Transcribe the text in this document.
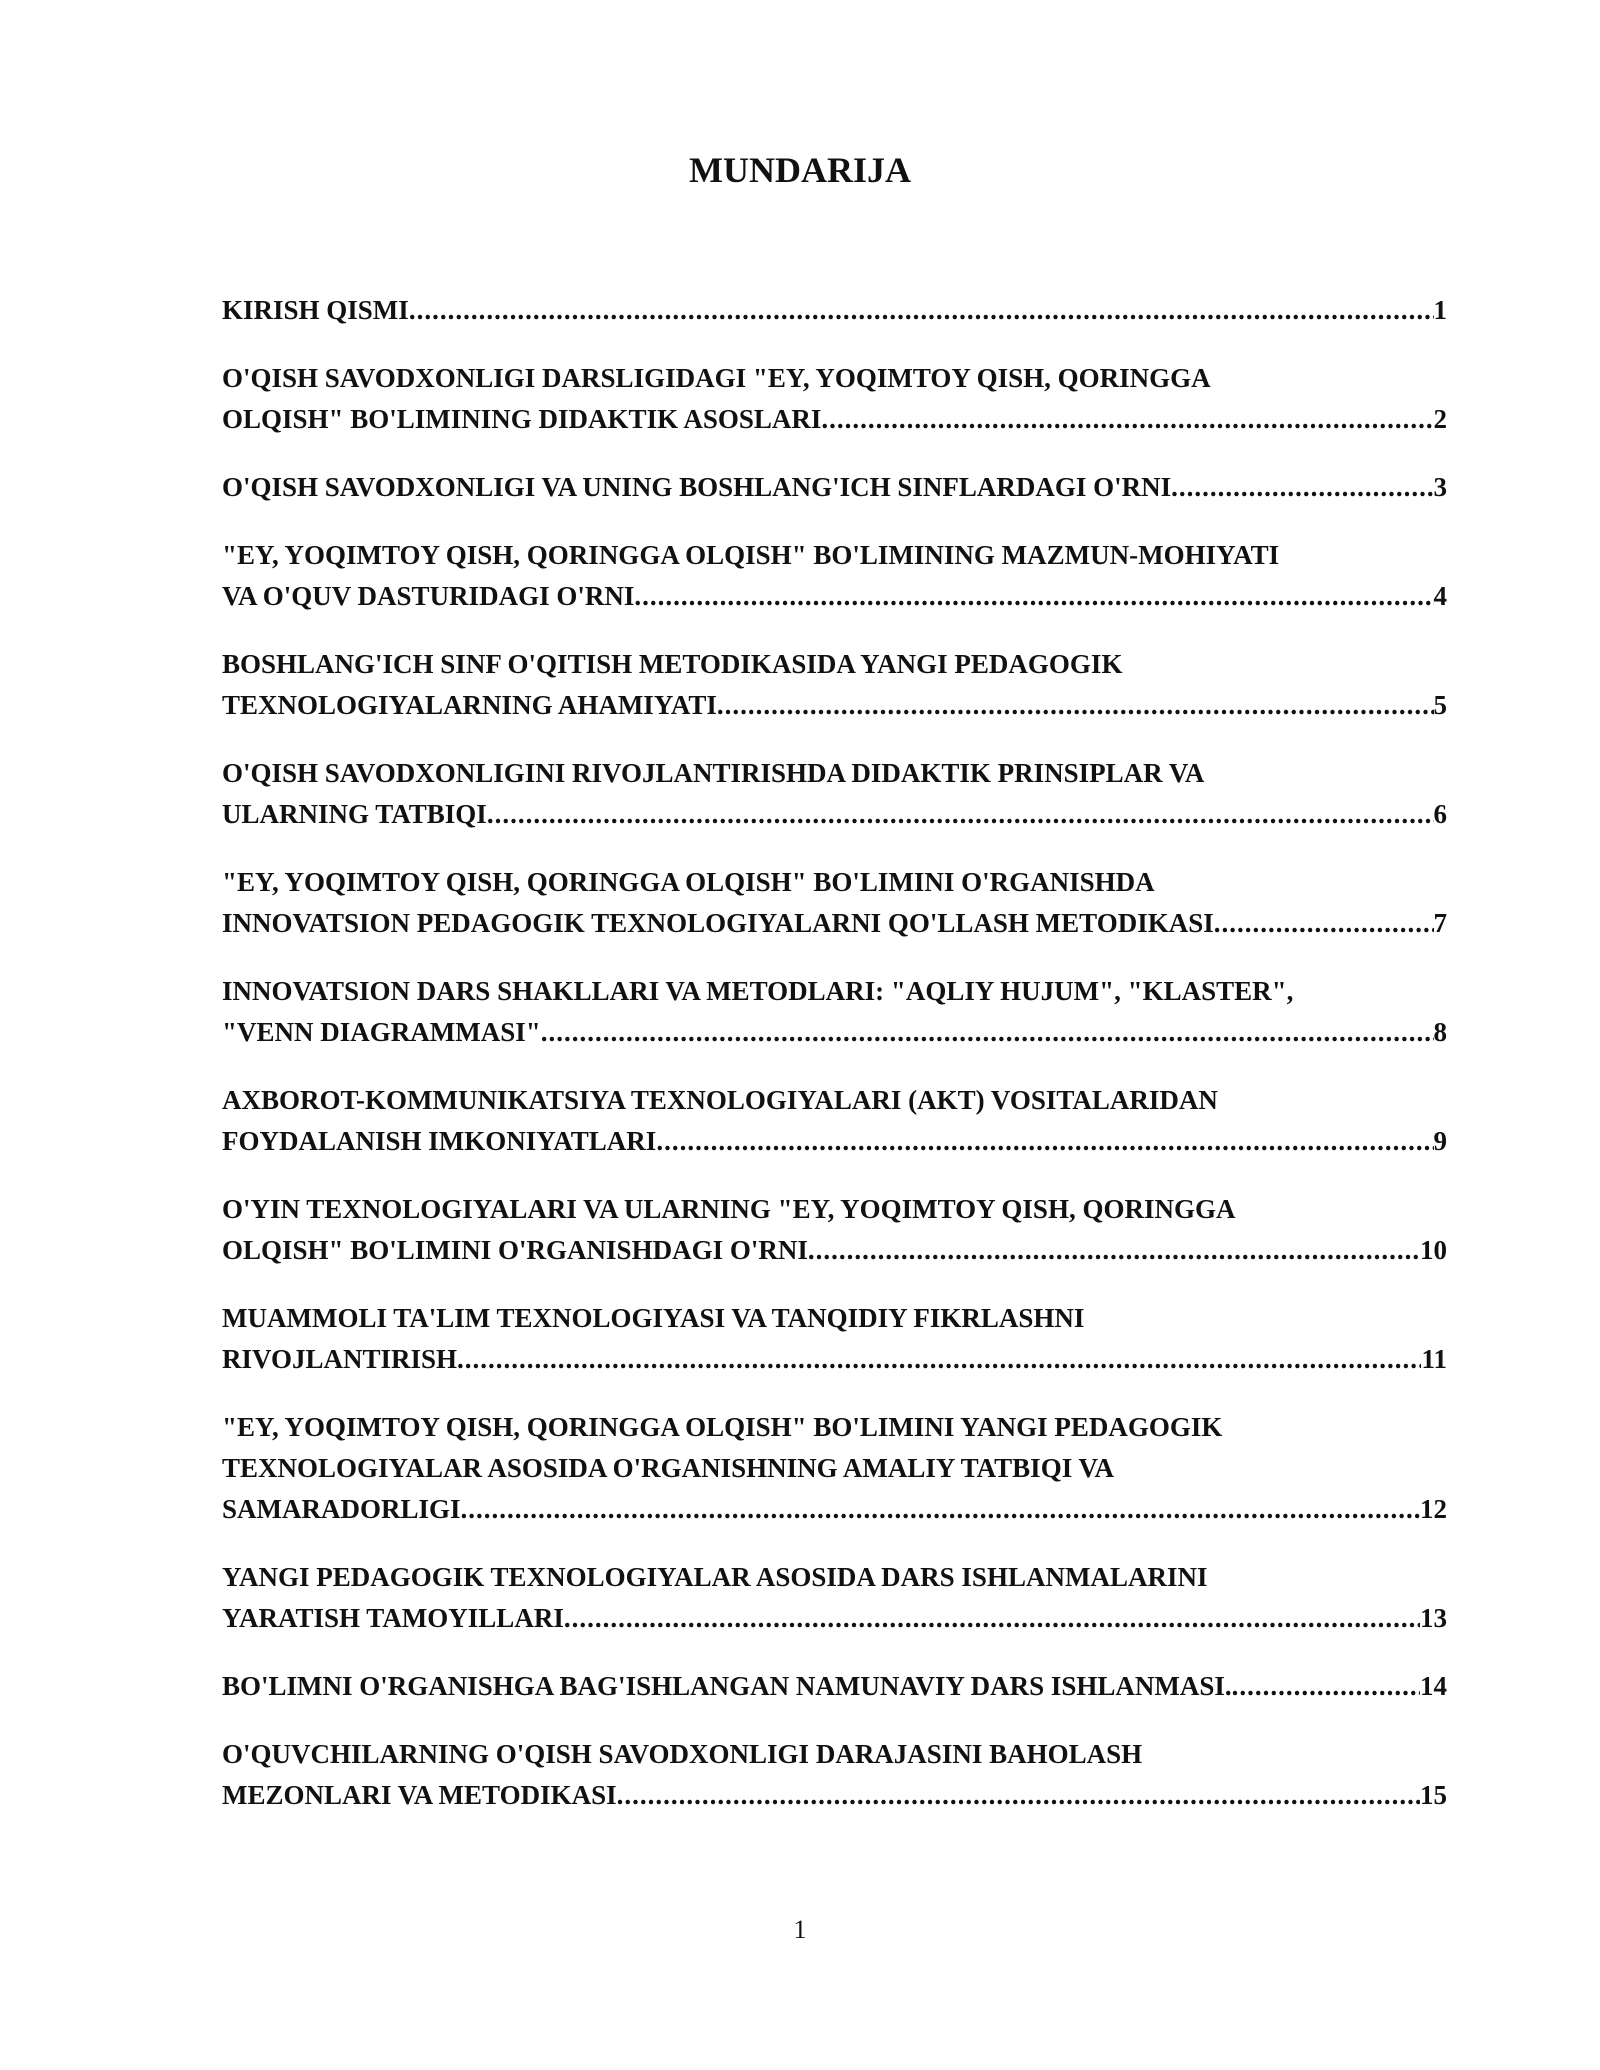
MUNDARIJA
KIRISH QISMI .....	1
O'QISH SAVODXONLIGI DARSLIGIDAGI "EY, YOQIMTOY QISH, QORINGGA
OLQISH" BO'LIMINING DIDAKTIK ASOSLARI .....	2
O'QISH SAVODXONLIGI VA UNING BOSHLANG'ICH SINFLARDAGI O'RNI .....	3
"EY, YOQIMTOY QISH, QORINGGA OLQISH" BO'LIMINING MAZMUN-MOHIYATI
VA O'QUV DASTURIDAGI O'RNI .....	4
BOSHLANG'ICH SINF O'QITISH METODIKASIDA YANGI PEDAGOGIK
TEXNOLOGIYALARNING AHAMIYATI .....	5
O'QISH SAVODXONLIGINI RIVOJLANTIRISHDA DIDAKTIK PRINSIPLAR VA
ULARNING TATBIQI .....	6
"EY, YOQIMTOY QISH, QORINGGA OLQISH" BO'LIMINI O'RGANISHDA
INNOVATSION PEDAGOGIK TEXNOLOGIYALARNI QO'LLASH METODIKASI .....	7
INNOVATSION DARS SHAKLLARI VA METODLARI: "AQLIY HUJUM", "KLASTER",
"VENN DIAGRAMMASI" .....	8
AXBOROT-KOMMUNIKATSIYA TEXNOLOGIYALARI (AKT) VOSITALARIDAN
FOYDALANISH IMKONIYATLARI .....	9
O'YIN TEXNOLOGIYALARI VA ULARNING "EY, YOQIMTOY QISH, QORINGGA
OLQISH" BO'LIMINI O'RGANISHDAGI O'RNI .....	10
MUAMMOLI TA'LIM TEXNOLOGIYASI VA TANQIDIY FIKRLASHNI
RIVOJLANTIRISH .....	11
"EY, YOQIMTOY QISH, QORINGGA OLQISH" BO'LIMINI YANGI PEDAGOGIK
TEXNOLOGIYALAR ASOSIDA O'RGANISHNING AMALIY TATBIQI VA
SAMARADORLIGI .....	12
YANGI PEDAGOGIK TEXNOLOGIYALAR ASOSIDA DARS ISHLANMALARINI
YARATISH TAMOYILLARI .....	13
BO'LIMNI O'RGANISHGA BAG'ISHLANGAN NAMUNAVIY DARS ISHLANMASI. .....	14
O'QUVCHILARNING O'QISH SAVODXONLIGI DARAJASINI BAHOLASH
MEZONLARI VA METODIKASI .....	15
1
